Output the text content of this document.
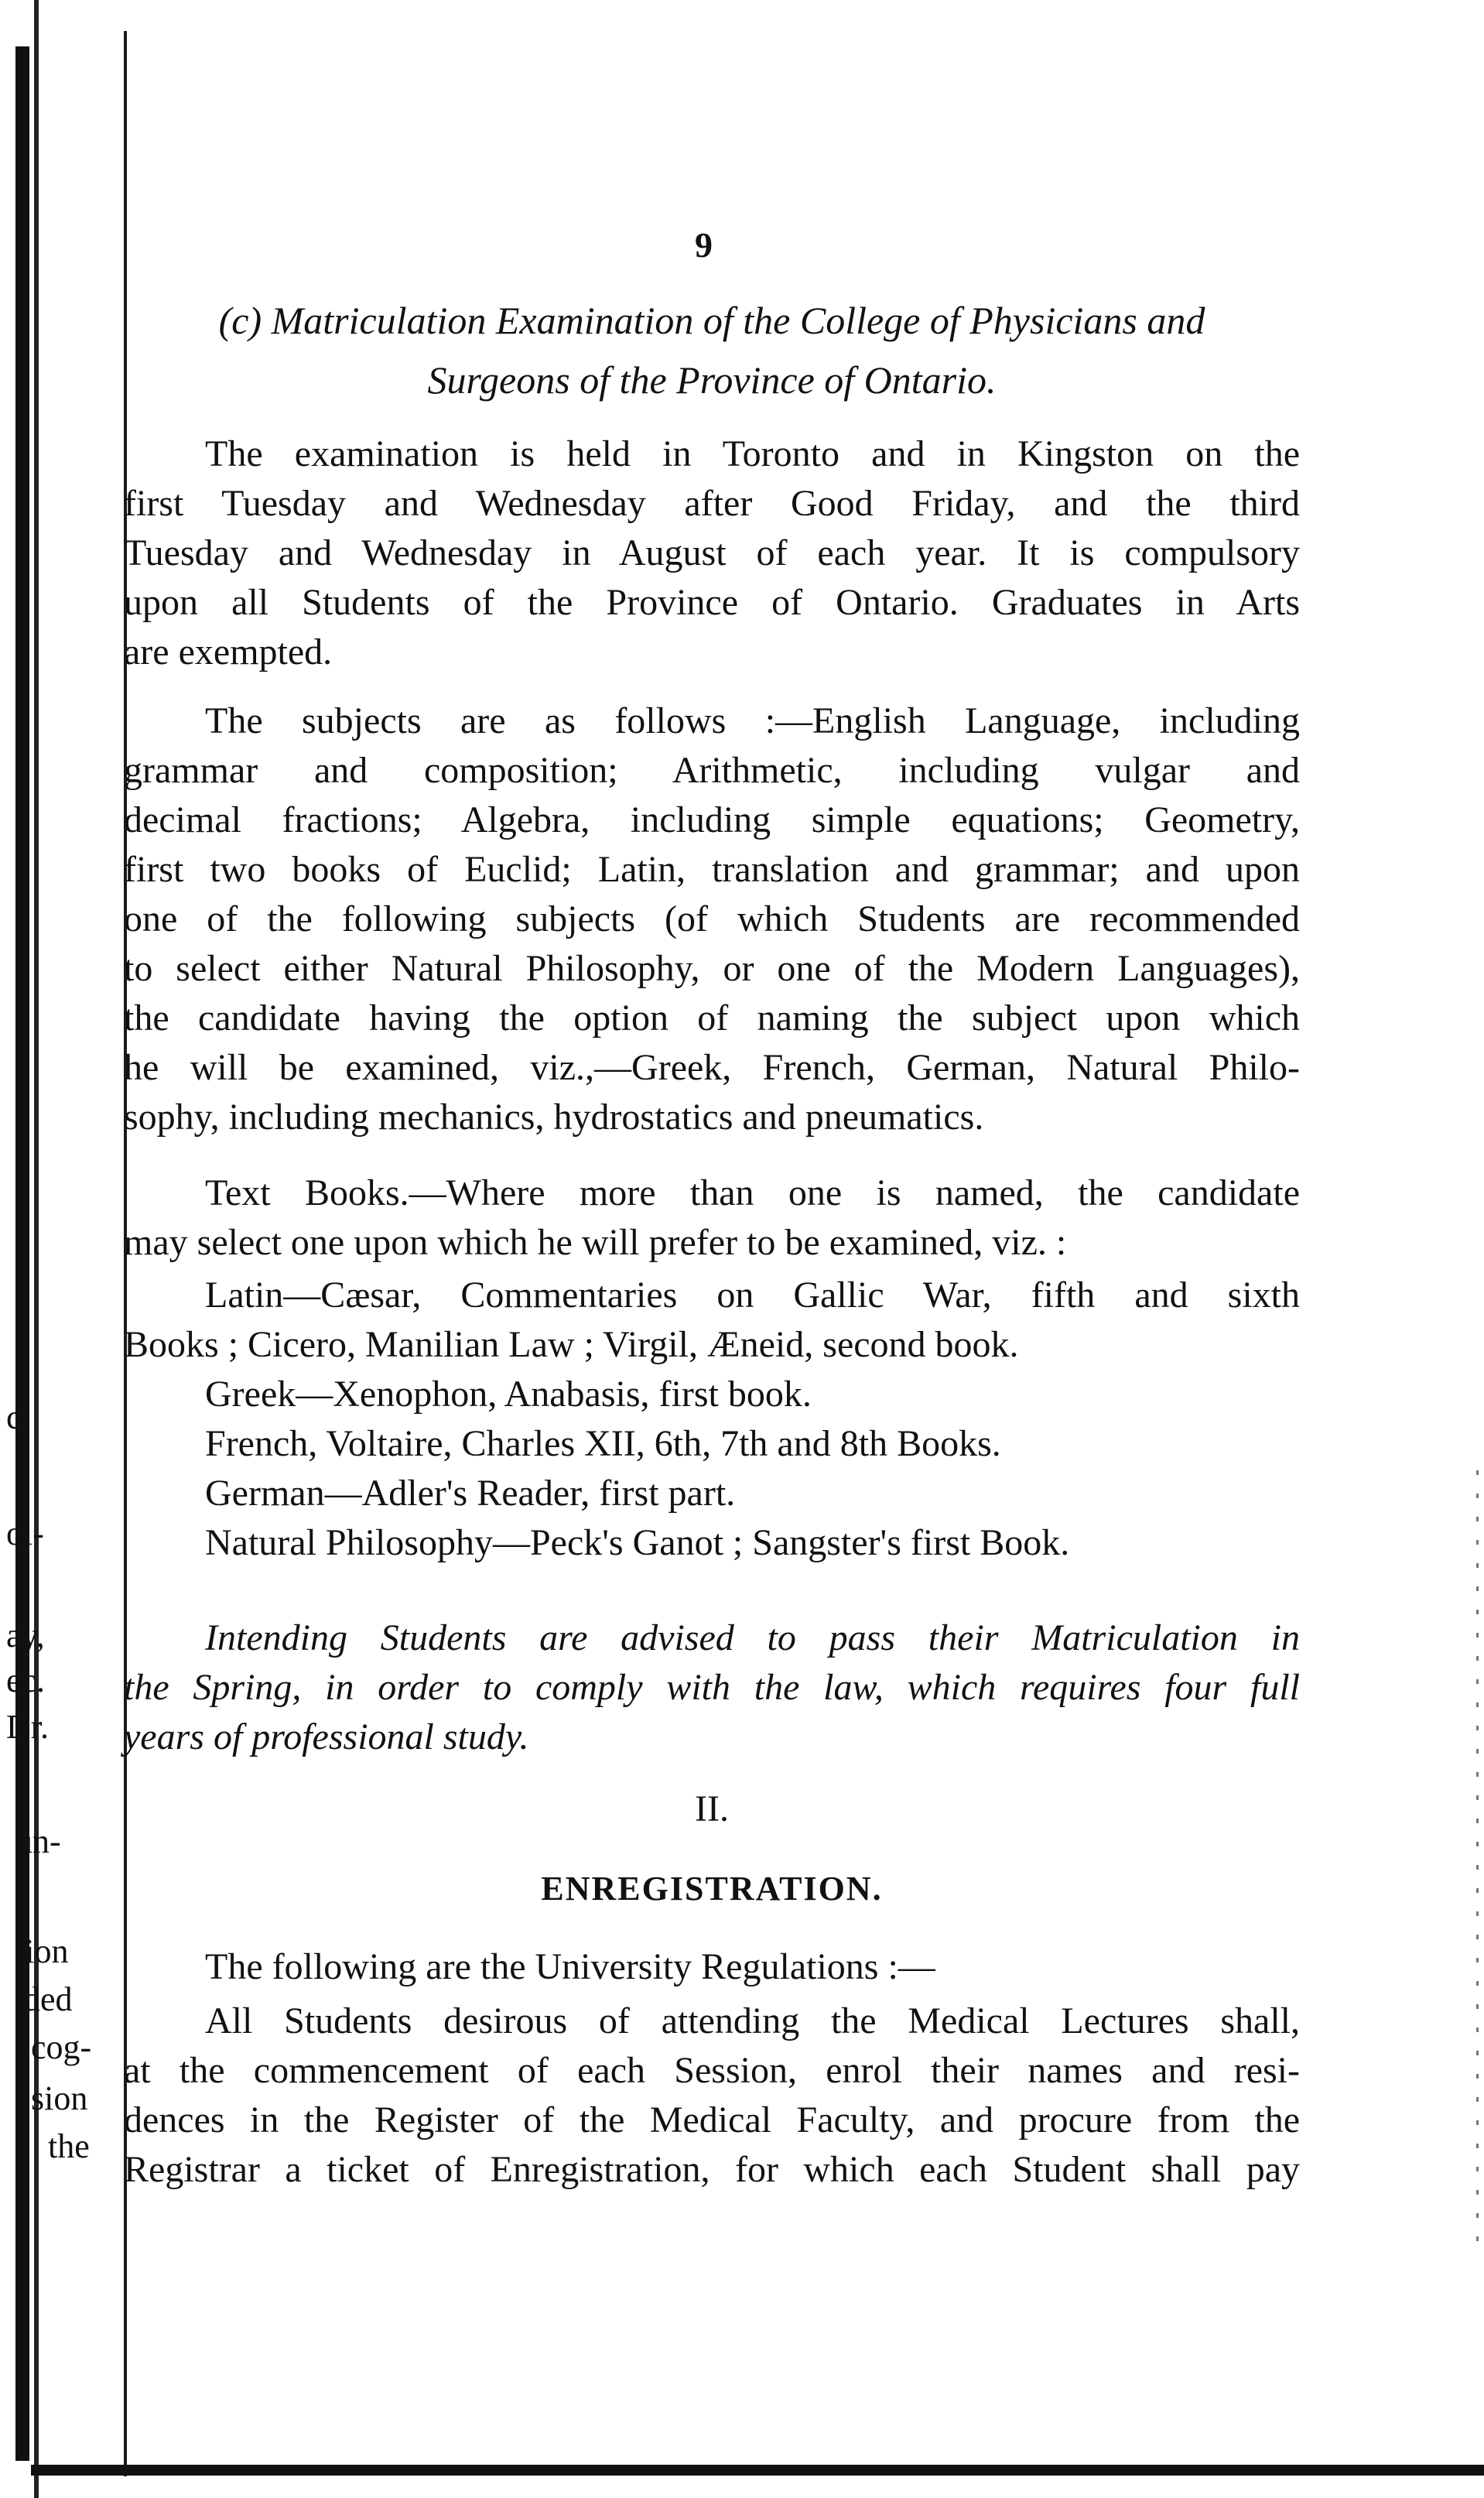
c,
ol-
ay,
ec.
Dr.
un-
tion
ded
cog-
sion
the
9
(c) Matriculation Examination of the College of Physicians and
Surgeons of the Province of Ontario.
The examination is held in Toronto and in Kingston on the
first Tuesday and Wednesday after Good Friday, and the third
Tuesday and Wednesday in August of each year. It is compulsory
upon all Students of the Province of Ontario. Graduates in Arts
are exempted.
The subjects are as follows :—English Language, including
grammar and composition; Arithmetic, including vulgar and
decimal fractions; Algebra, including simple equations; Geometry,
first two books of Euclid; Latin, translation and grammar; and upon
one of the following subjects (of which Students are recommended
to select either Natural Philosophy, or one of the Modern Languages),
the candidate having the option of naming the subject upon which
he will be examined, viz.,—Greek, French, German, Natural Philo-
sophy, including mechanics, hydrostatics and pneumatics.
Text Books.—Where more than one is named, the candidate
may select one upon which he will prefer to be examined, viz. :
Latin—Cæsar, Commentaries on Gallic War, fifth and sixth
Books ; Cicero, Manilian Law ; Virgil, Æneid, second book.
Greek—Xenophon, Anabasis, first book.
French, Voltaire, Charles XII, 6th, 7th and 8th Books.
German—Adler's Reader, first part.
Natural Philosophy—Peck's Ganot ; Sangster's first Book.
Intending Students are advised to pass their Matriculation in
the Spring, in order to comply with the law, which requires four full
years of professional study.
II.
ENREGISTRATION.
The following are the University Regulations :—
All Students desirous of attending the Medical Lectures shall,
at the commencement of each Session, enrol their names and resi-
dences in the Register of the Medical Faculty, and procure from the
Registrar a ticket of Enregistration, for which each Student shall pay
